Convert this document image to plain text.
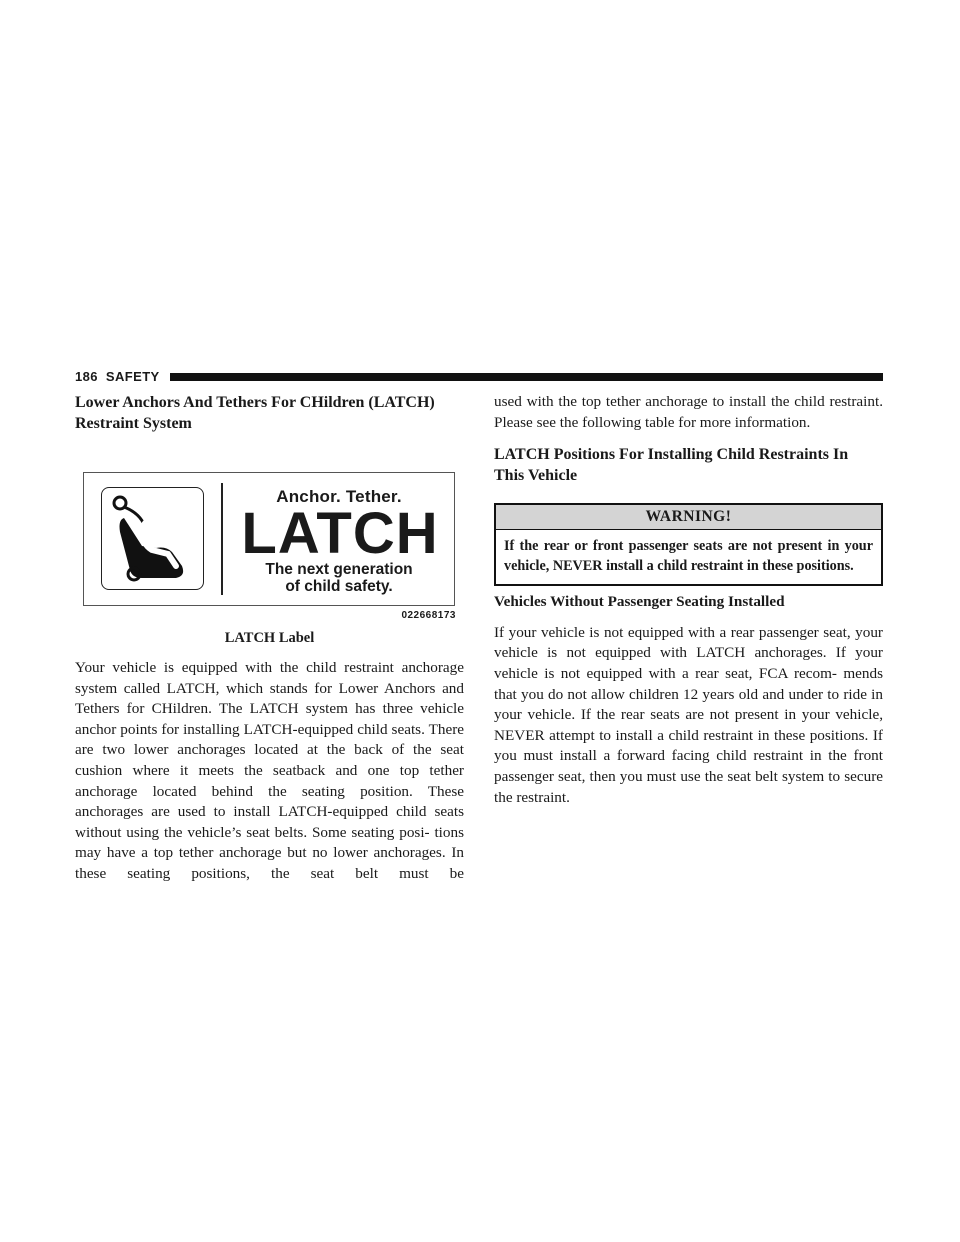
186 SAFETY
Lower Anchors And Tethers For CHildren (LATCH)
Restraint System
Anchor. Tether.
LATCH
The next generation
of child safety.
022668173
LATCH Label

Your vehicle is equipped with the child restraint anchorage system called LATCH, which stands for Lower Anchors and Tethers for CHildren. The LATCH system has three vehicle anchor points for installing LATCH-equipped child seats. There are two lower anchorages located at the back of the seat cushion where it meets the seatback and one top tether anchorage located behind the seating position. These anchorages are used to install LATCH-equipped child seats without using the vehicle’s seat belts. Some seating posi- tions may have a top tether anchorage but no lower anchorages. In these seating positions, the seat belt must be

used with the top tether anchorage to install the child restraint. Please see the following table for more information.

LATCH Positions For Installing Child Restraints In
This Vehicle
WARNING!
If the rear or front passenger seats are not present in your vehicle, NEVER install a child restraint in these positions.
Vehicles Without Passenger Seating Installed

If your vehicle is not equipped with a rear passenger seat, your vehicle is not equipped with LATCH anchorages. If your vehicle is not equipped with a rear seat, FCA recom- mends that you do not allow children 12 years old and under to ride in your vehicle. If the rear seats are not present in your vehicle, NEVER attempt to install a child restraint in these positions. If you must install a forward facing child restraint in the front passenger seat, then you must use the seat belt system to secure the restraint.
